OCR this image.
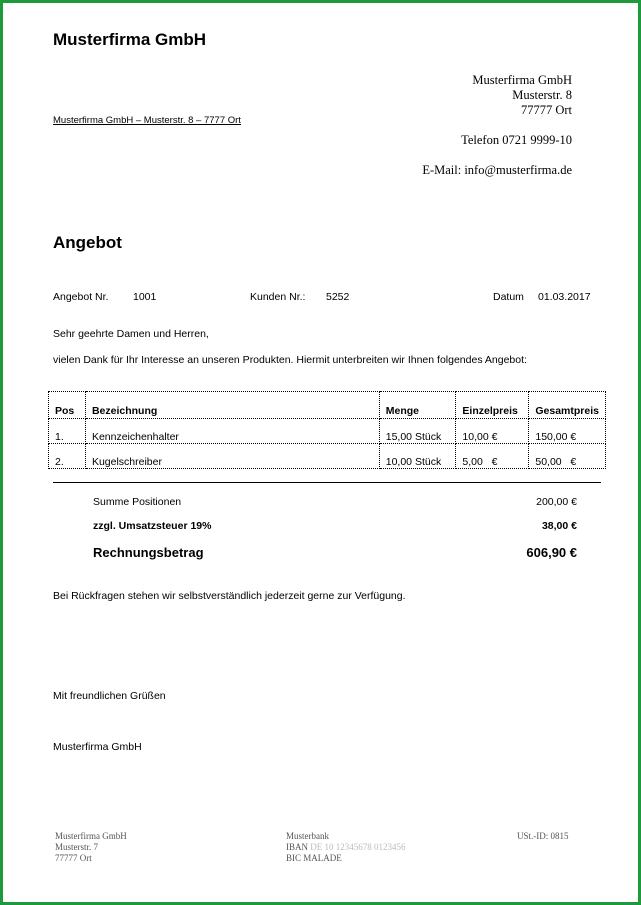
Musterfirma GmbH
Musterfirma GmbH
Musterstr. 8
77777 Ort
Musterfirma GmbH – Musterstr. 8 – 7777 Ort
Telefon 0721 9999-10
E-Mail: info@musterfirma.de
Angebot
Angebot Nr. 1001	Kunden Nr.: 5252	Datum 01.03.2017
Sehr geehrte Damen und Herren,
vielen Dank für Ihr Interesse an unseren Produkten. Hiermit unterbreiten wir Ihnen folgendes Angebot:
Pos	Bezeichnung	Menge	Einzelpreis	Gesamtpreis
1.	Kennzeichenhalter	15,00 Stück	10,00 €	150,00 €
2.	Kugelschreiber	10,00 Stück	5,00   €	50,00   €
Summe Positionen	200,00 €
zzgl. Umsatzsteuer 19%	38,00 €
Rechnungsbetrag	606,90 €
Bei Rückfragen stehen wir selbstverständlich jederzeit gerne zur Verfügung.
Mit freundlichen Grüßen
Musterfirma GmbH
Musterfirma GmbH
Musterstr. 7
77777 Ort
Musterbank
IBAN DE 10 12345678 0123456
BIC MALADE
USt.-ID: 0815
